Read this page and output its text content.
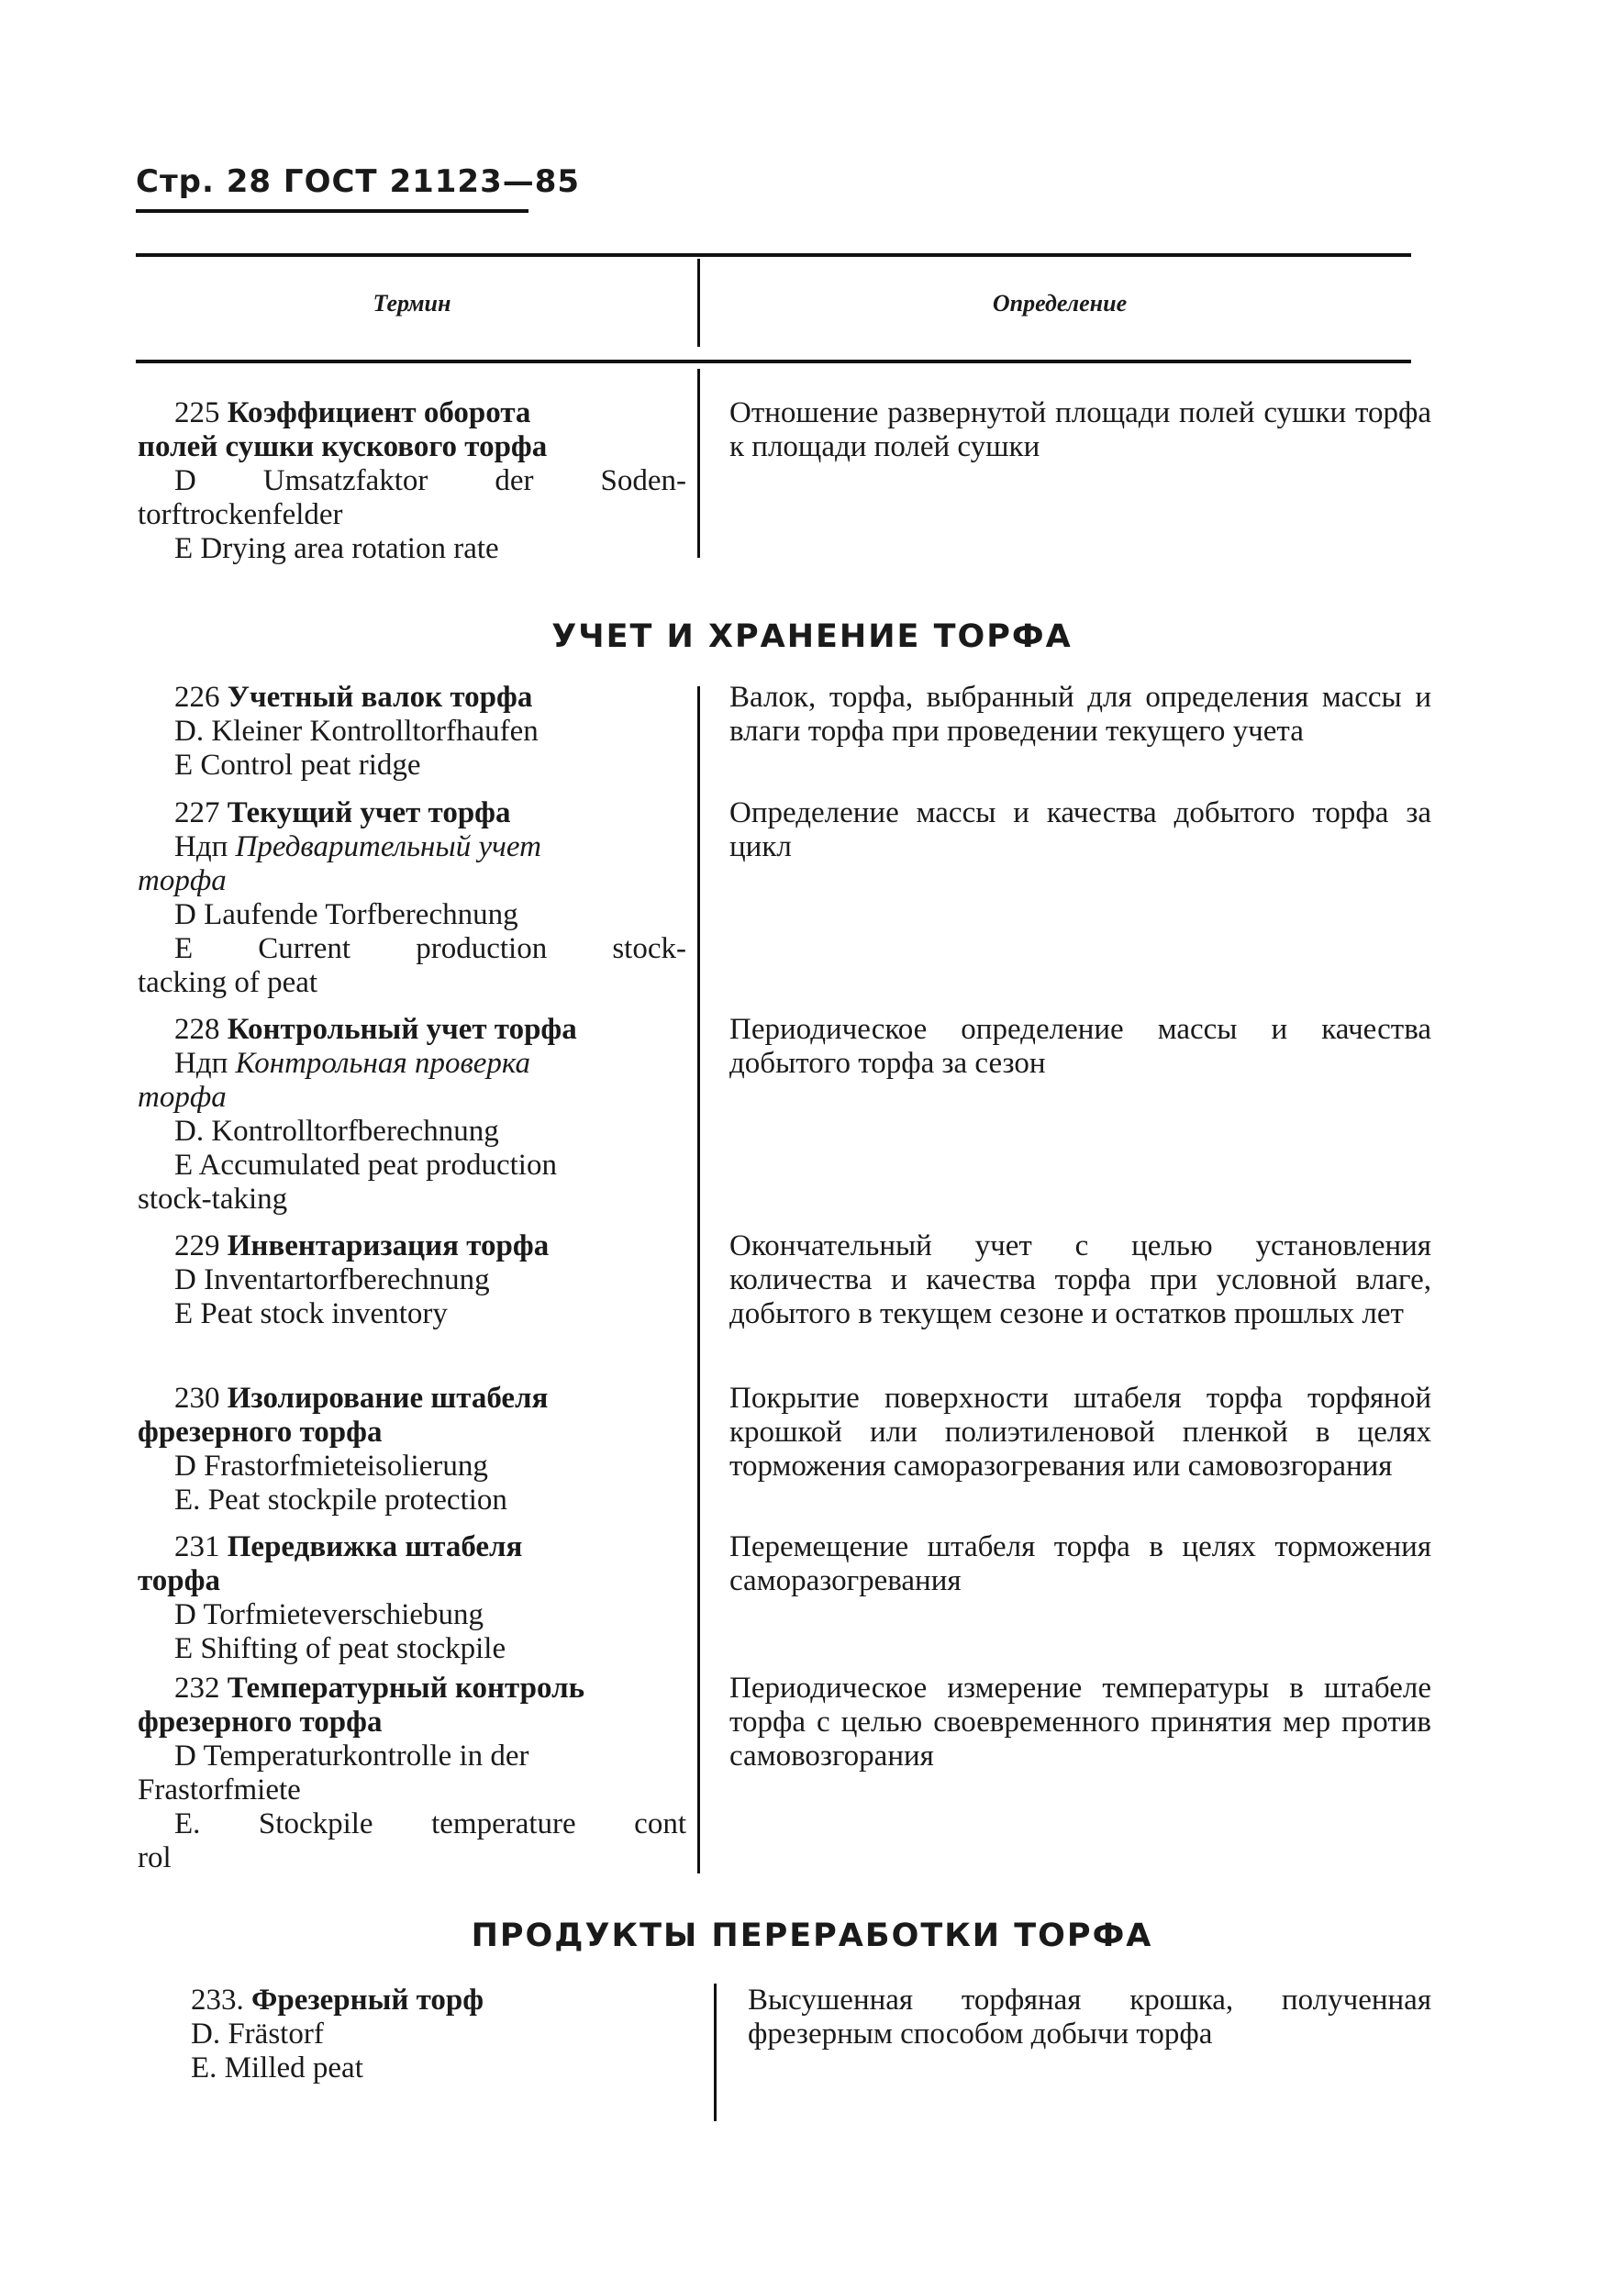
Стр. 28 ГОСТ 21123—85
Термин	Определение
225 Коэффициент оборота
полей сушки кускового торфа
D Umsatzfaktor der Soden-
torftrockenfelder
E Drying area rotation rate
Отношение развернутой площади полей сушки торфа к площади полей сушки
УЧЕТ И ХРАНЕНИЕ ТОРФА
226 Учетный валок торфа
D. Kleiner Kontrolltorfhaufen
E Control peat ridge
Валок, торфа, выбранный для определения массы и влаги торфа при проведении текущего учета
227 Текущий учет торфа
Ндп Предварительный учет
торфа
D Laufende Torfberechnung
E Current production stock-
tacking of peat
Определение массы и качества добытого торфа за цикл
228 Контрольный учет торфа
Ндп Контрольная проверка
торфа
D. Kontrolltorfberechnung
E Accumulated peat production
stock-taking
Периодическое определение массы и качества добытого торфа за сезон
229 Инвентаризация торфа
D Inventartorfberechnung
E Peat stock inventory
Окончательный учет с целью установления количества и качества торфа при условной влаге, добытого в текущем сезоне и остатков прошлых лет
230 Изолирование штабеля
фрезерного торфа
D Frastorfmieteisolierung
E. Peat stockpile protection
Покрытие поверхности штабеля торфа торфяной крошкой или полиэтиленовой пленкой в целях торможения саморазогревания или самовозгорания
231 Передвижка штабеля
торфа
D Torfmieteverschiebung
E Shifting of peat stockpile
Перемещение штабеля торфа в целях торможения саморазогревания
232 Температурный контроль
фрезерного торфа
D Temperaturkontrolle in der
Frastorfmiete
E. Stockpile temperature cont
rol
Периодическое измерение температуры в штабеле торфа с целью своевременного принятия мер против самовозгорания
ПРОДУКТЫ ПЕРЕРАБОТКИ ТОРФА
233. Фрезерный торф
D. Frästorf
E. Milled peat
Высушенная торфяная крошка, полученная фрезерным способом добычи торфа
